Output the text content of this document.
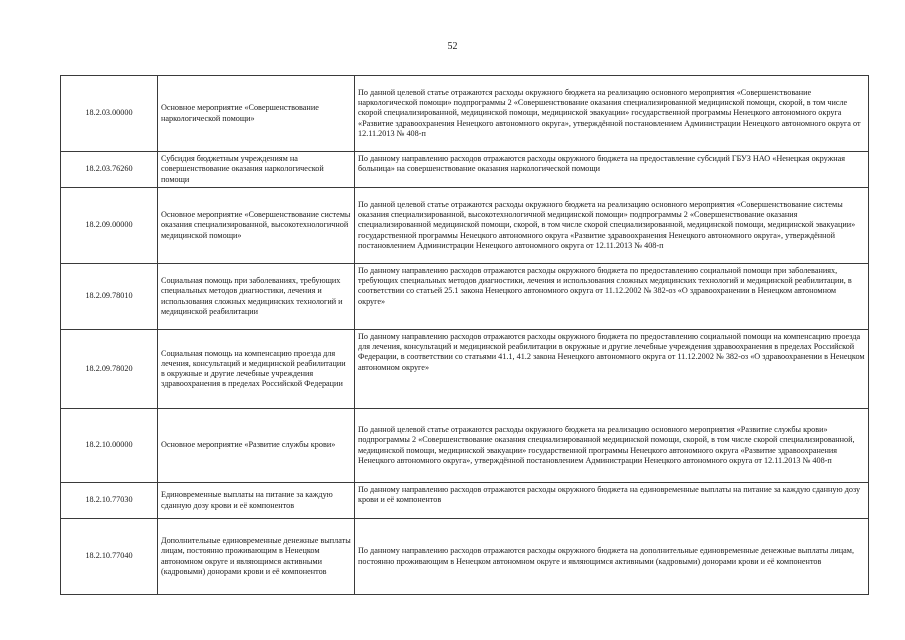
52
18.2.03.00000	Основное мероприятие «Совершенствование наркологической помощи»	По данной целевой статье отражаются расходы окружного бюджета на реализацию основного мероприятия «Совершенствование наркологической помощи» подпрограммы 2 «Совершенствование оказания специализированной медицинской помощи, скорой, в том числе скорой специализированной, медицинской помощи, медицинской эвакуации» государственной программы Ненецкого автономного округа «Развитие здравоохранения Ненецкого автономного округа», утверждённой постановлением Администрации Ненецкого автономного округа от 12.11.2013 № 408-п
18.2.03.76260	Субсидия бюджетным учреждениям на совершенствование оказания наркологической помощи	По данному направлению расходов отражаются расходы окружного бюджета на предоставление субсидий ГБУЗ НАО «Ненецкая окружная больница» на совершенствование оказания наркологической помощи
18.2.09.00000	Основное мероприятие «Совершенствование системы оказания специализированной, высокотехнологичной медицинской помощи»	По данной целевой статье отражаются расходы окружного бюджета на реализацию основного мероприятия «Совершенствование системы оказания специализированной, высокотехнологичной медицинской помощи» подпрограммы 2 «Совершенствование оказания специализированной медицинской помощи, скорой, в том числе скорой специализированной, медицинской помощи, медицинской эвакуации» государственной программы Ненецкого автономного округа «Развитие здравоохранения Ненецкого автономного округа», утверждённой постановлением Администрации Ненецкого автономного округа от 12.11.2013 № 408-п
18.2.09.78010	Социальная помощь при заболеваниях, требующих специальных методов диагностики, лечения и использования сложных медицинских технологий и медицинской реабилитации	По данному направлению расходов отражаются расходы окружного бюджета по предоставлению социальной помощи при заболеваниях, требующих специальных методов диагностики, лечения и использования сложных медицинских технологий и медицинской реабилитации, в соответствии со статьей 25.1 закона Ненецкого автономного округа от 11.12.2002 № 382-оз «О здравоохранении в Ненецком автономном округе»
18.2.09.78020	Социальная помощь на компенсацию проезда для лечения, консультаций и медицинской реабилитации в окружные и другие лечебные учреждения здравоохранения в пределах Российской Федерации	По данному направлению расходов отражаются расходы окружного бюджета по предоставлению социальной помощи на компенсацию проезда для лечения, консультаций и медицинской реабилитации в окружные и другие лечебные учреждения здравоохранения в пределах Российской Федерации, в соответствии со статьями 41.1, 41.2 закона Ненецкого автономного округа от 11.12.2002 № 382-оз «О здравоохранении в Ненецком автономном округе»
18.2.10.00000	Основное мероприятие «Развитие службы крови»	По данной целевой статье отражаются расходы окружного бюджета на реализацию основного мероприятия «Развитие службы крови» подпрограммы 2 «Совершенствование оказания специализированной медицинской помощи, скорой, в том числе скорой специализированной, медицинской помощи, медицинской эвакуации» государственной программы Ненецкого автономного округа «Развитие здравоохранения Ненецкого автономного округа», утверждённой постановлением Администрации Ненецкого автономного округа от 12.11.2013 № 408-п
18.2.10.77030	Единовременные выплаты на питание за каждую сданную дозу крови и её компонентов	По данному направлению расходов отражаются расходы окружного бюджета на единовременные выплаты на питание за каждую сданную дозу крови и её компонентов
18.2.10.77040	Дополнительные единовременные денежные выплаты лицам, постоянно проживающим в Ненецком автономном округе и являющимся активными (кадровыми) донорами крови и её компонентов	По данному направлению расходов отражаются расходы окружного бюджета на дополнительные единовременные денежные выплаты лицам, постоянно проживающим в Ненецком автономном округе и являющимся активными (кадровыми) донорами крови и её компонентов
